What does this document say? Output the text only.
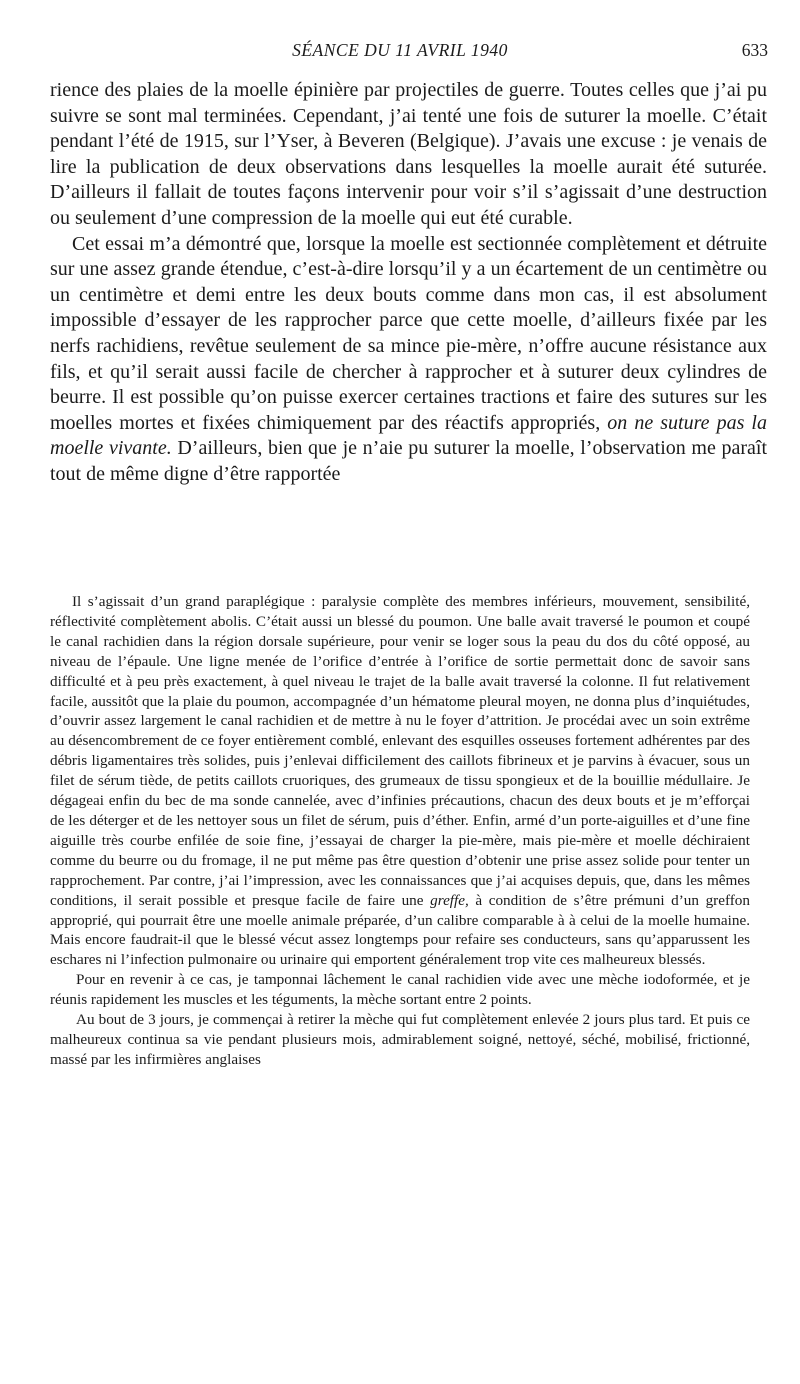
SÉANCE DU 11 AVRIL 1940	633

rience des plaies de la moelle épinière par projectiles de guerre. Toutes celles que j’ai pu suivre se sont mal terminées. Cependant, j’ai tenté une fois de suturer la moelle. C’était pendant l’été de 1915, sur l’Yser, à Beveren (Belgique). J’avais une excuse : je venais de lire la publication de deux observations dans lesquelles la moelle aurait été suturée. D’ailleurs il fallait de toutes façons intervenir pour voir s’il s’agissait d’une destruction ou seulement d’une compression de la moelle qui eut été curable.

Cet essai m’a démontré que, lorsque la moelle est sectionnée complètement et détruite sur une assez grande étendue, c’est-à-dire lorsqu’il y a un écartement de un centimètre ou un centimètre et demi entre les deux bouts comme dans mon cas, il est absolument impossible d’essayer de les rapprocher parce que cette moelle, d’ailleurs fixée par les nerfs rachidiens, revêtue seulement de sa mince pie-mère, n’offre aucune résistance aux fils, et qu’il serait aussi facile de chercher à rapprocher et à suturer deux cylindres de beurre. Il est possible qu’on puisse exercer certaines tractions et faire des sutures sur les moelles mortes et fixées chimiquement par des réactifs appropriés, on ne suture pas la moelle vivante. D’ailleurs, bien que je n’aie pu suturer la moelle, l’observation me paraît tout de même digne d’être rapportée

Il s’agissait d’un grand paraplégique : paralysie complète des membres inférieurs, mouvement, sensibilité, réflectivité complètement abolis. C’était aussi un blessé du poumon. Une balle avait traversé le poumon et coupé le canal rachidien dans la région dorsale supérieure, pour venir se loger sous la peau du dos du côté opposé, au niveau de l’épaule. Une ligne menée de l’orifice d’entrée à l’orifice de sortie permettait donc de savoir sans difficulté et à peu près exactement, à quel niveau le trajet de la balle avait traversé la colonne. Il fut relativement facile, aussitôt que la plaie du poumon, accompagnée d’un hématome pleural moyen, ne donna plus d’inquiétudes, d’ouvrir assez largement le canal rachidien et de mettre à nu le foyer d’attrition. Je procédai avec un soin extrême au désencombrement de ce foyer entièrement comblé, enlevant des esquilles osseuses fortement adhérentes par des débris ligamentaires très solides, puis j’enlevai difficilement des caillots fibrineux et je parvins à évacuer, sous un filet de sérum tiède, de petits caillots cruoriques, des grumeaux de tissu spongieux et de la bouillie médullaire. Je dégageai enfin du bec de ma sonde cannelée, avec d’infinies précautions, chacun des deux bouts et je m’efforçai de les déterger et de les nettoyer sous un filet de sérum, puis d’éther. Enfin, armé d’un porte-aiguilles et d’une fine aiguille très courbe enfilée de soie fine, j’essayai de charger la pie-mère, mais pie-mère et moelle déchiraient comme du beurre ou du fromage, il ne put même pas être question d’obtenir une prise assez solide pour tenter un rapprochement. Par contre, j’ai l’impression, avec les connaissances que j’ai acquises depuis, que, dans les mêmes conditions, il serait possible et presque facile de faire une greffe, à condition de s’être prémuni d’un greffon approprié, qui pourrait être une moelle animale préparée, d’un calibre comparable à à celui de la moelle humaine. Mais encore faudrait-il que le blessé vécut assez longtemps pour refaire ses conducteurs, sans qu’apparussent les eschares ni l’infection pulmonaire ou urinaire qui emportent généralement trop vite ces malheureux blessés.

Pour en revenir à ce cas, je tamponnai lâchement le canal rachidien vide avec une mèche iodoformée, et je réunis rapidement les muscles et les téguments, la mèche sortant entre 2 points.

Au bout de 3 jours, je commençai à retirer la mèche qui fut complètement enlevée 2 jours plus tard. Et puis ce malheureux continua sa vie pendant plusieurs mois, admirablement soigné, nettoyé, séché, mobilisé, frictionné, massé par les infirmières anglaises
